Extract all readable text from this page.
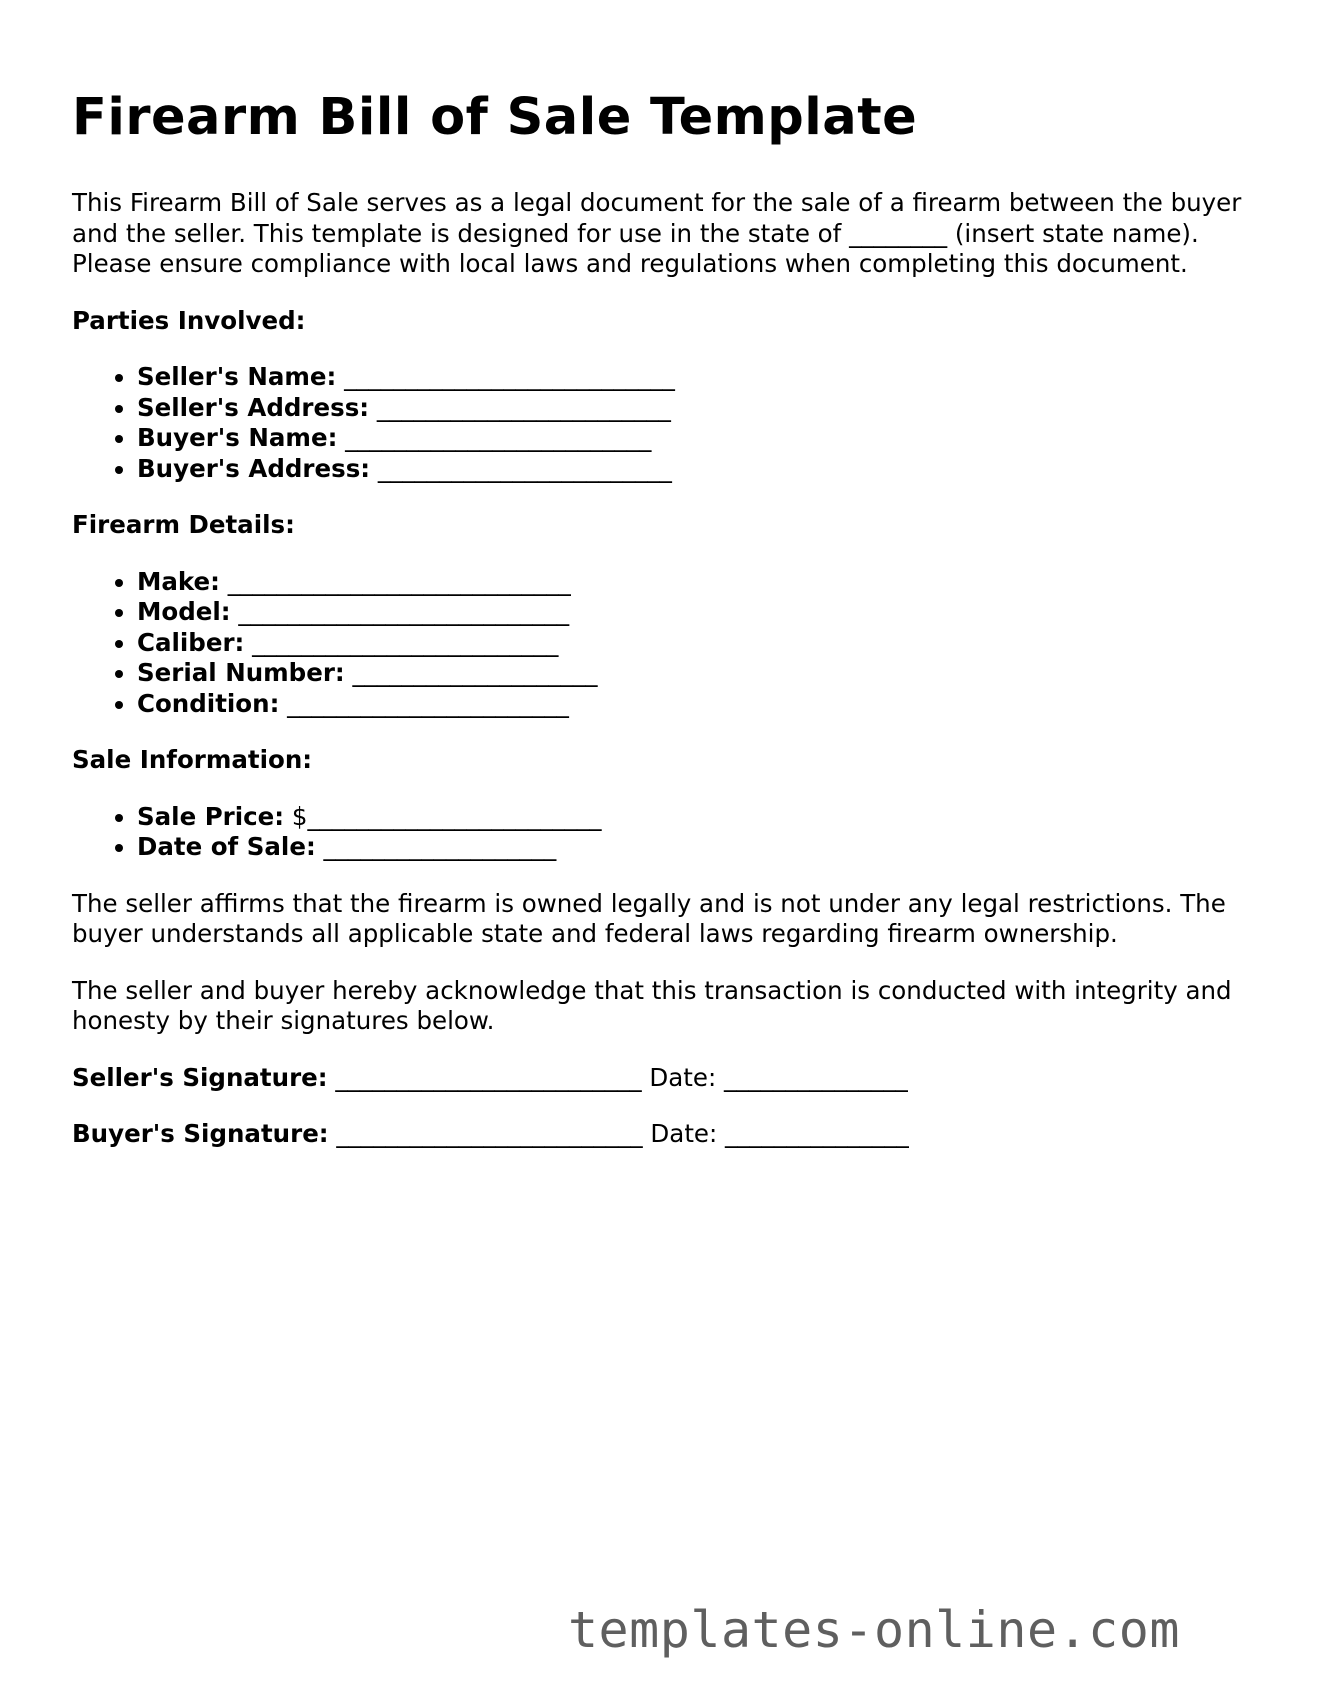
Firearm Bill of Sale Template

This Firearm Bill of Sale serves as a legal document for the sale of a firearm between the buyer and the seller. This template is designed for use in the state of ________ (insert state name). Please ensure compliance with local laws and regulations when completing this document.

Parties Involved:
• Seller's Name: ___________________________
• Seller's Address: ________________________
• Buyer's Name: _________________________
• Buyer's Address: ________________________
Firearm Details:
• Make: ____________________________
• Model: ___________________________
• Caliber: _________________________
• Serial Number: ____________________
• Condition: _______________________
Sale Information:
• Sale Price: $________________________
• Date of Sale: ___________________

The seller affirms that the firearm is owned legally and is not under any legal restrictions. The buyer understands all applicable state and federal laws regarding firearm ownership.

The seller and buyer hereby acknowledge that this transaction is conducted with integrity and honesty by their signatures below.

Seller's Signature: _________________________ Date: _______________
Buyer's Signature: _________________________ Date: _______________
templates-online.com
